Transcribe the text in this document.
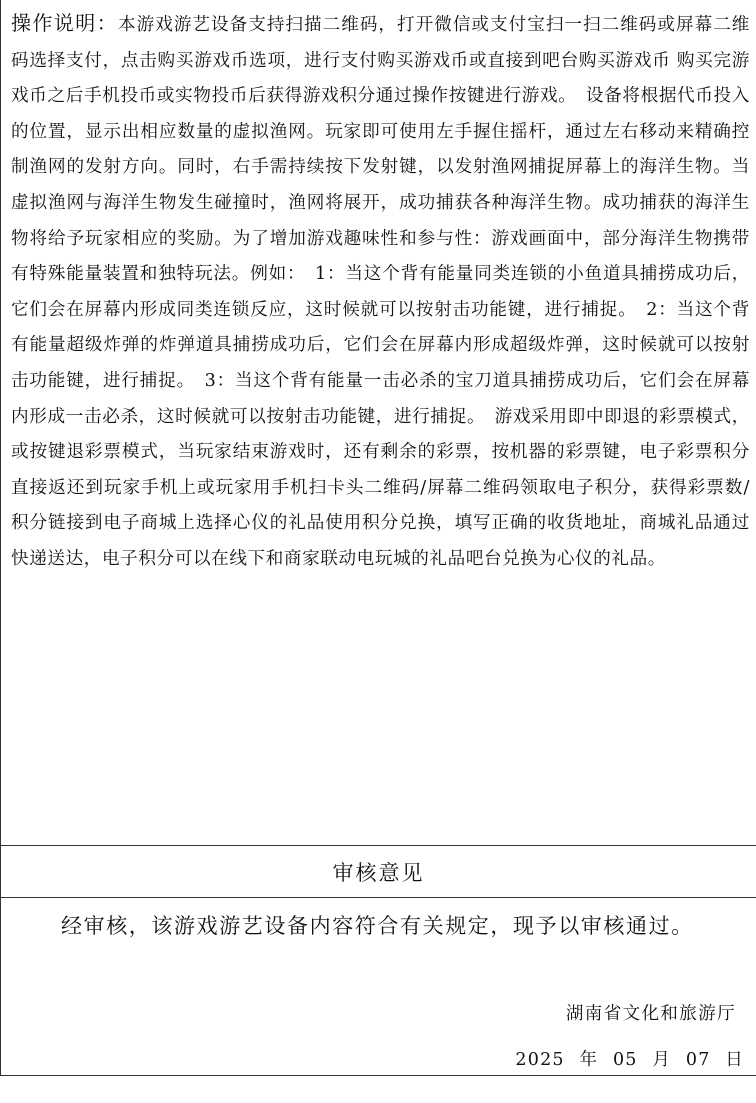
操作说明：本游戏游艺设备支持扫描二维码，打开微信或支付宝扫一扫二维码或屏幕二维码选择支付，点击购买游戏币选项，进行支付购买游戏币或直接到吧台购买游戏币 购买完游戏币之后手机投币或实物投币后获得游戏积分通过操作按键进行游戏。　设备将根据代币投入的位置，显示出相应数量的虚拟渔网。玩家即可使用左手握住摇杆，通过左右移动来精确控制渔网的发射方向。同时，右手需持续按下发射键，以发射渔网捕捉屏幕上的海洋生物。当虚拟渔网与海洋生物发生碰撞时，渔网将展开，成功捕获各种海洋生物。成功捕获的海洋生物将给予玩家相应的奖励。为了增加游戏趣味性和参与性：游戏画面中，部分海洋生物携带有特殊能量装置和独特玩法。例如：　1：当这个背有能量同类连锁的小鱼道具捕捞成功后，它们会在屏幕内形成同类连锁反应，这时候就可以按射击功能键，进行捕捉。　2：当这个背有能量超级炸弹的炸弹道具捕捞成功后，它们会在屏幕内形成超级炸弹，这时候就可以按射击功能键，进行捕捉。　3：当这个背有能量一击必杀的宝刀道具捕捞成功后，它们会在屏幕内形成一击必杀，这时候就可以按射击功能键，进行捕捉。　游戏采用即中即退的彩票模式，或按键退彩票模式，当玩家结束游戏时，还有剩余的彩票，按机器的彩票键，电子彩票积分直接返还到玩家手机上或玩家用手机扫卡头二维码/屏幕二维码领取电子积分，获得彩票数/积分链接到电子商城上选择心仪的礼品使用积分兑换，填写正确的收货地址，商城礼品通过快递送达，电子积分可以在线下和商家联动电玩城的礼品吧台兑换为心仪的礼品。

审核意见
经审核，该游戏游艺设备内容符合有关规定，现予以审核通过。
湖南省文化和旅游厅
2025 年 05 月 07 日
